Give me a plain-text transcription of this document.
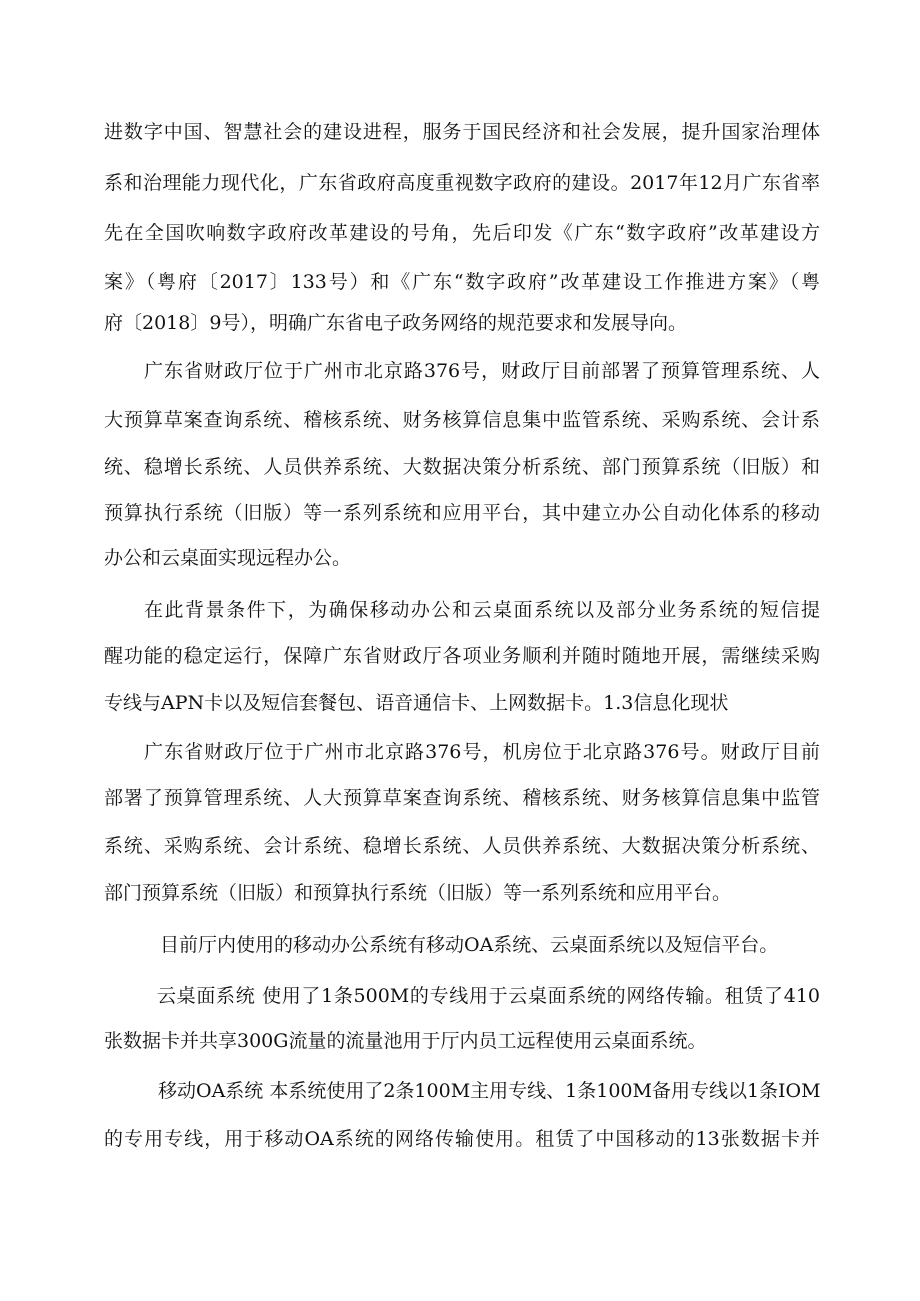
进数字中国、智慧社会的建设进程，服务于国民经济和社会发展，提升国家治理体
系和治理能力现代化，广东省政府高度重视数字政府的建设。2017年12月广东省率
先在全国吹响数字政府改革建设的号角，先后印发《广东“数字政府”改革建设方
案》（粤府〔2017〕133号）和《广东“数字政府”改革建设工作推进方案》（粤
府〔2018〕9号），明确广东省电子政务网络的规范要求和发展导向。
广东省财政厅位于广州市北京路376号，财政厅目前部署了预算管理系统、人
大预算草案查询系统、稽核系统、财务核算信息集中监管系统、采购系统、会计系
统、稳增长系统、人员供养系统、大数据决策分析系统、部门预算系统（旧版）和
预算执行系统（旧版）等一系列系统和应用平台，其中建立办公自动化体系的移动
办公和云桌面实现远程办公。
在此背景条件下，为确保移动办公和云桌面系统以及部分业务系统的短信提
醒功能的稳定运行，保障广东省财政厅各项业务顺利并随时随地开展，需继续采购
专线与APN卡以及短信套餐包、语音通信卡、上网数据卡。1.3信息化现状
广东省财政厅位于广州市北京路376号，机房位于北京路376号。财政厅目前
部署了预算管理系统、人大预算草案查询系统、稽核系统、财务核算信息集中监管
系统、采购系统、会计系统、稳增长系统、人员供养系统、大数据决策分析系统、
部门预算系统（旧版）和预算执行系统（旧版）等一系列系统和应用平台。
目前厅内使用的移动办公系统有移动OA系统、云桌面系统以及短信平台。
云桌面系统 使用了1条500M的专线用于云桌面系统的网络传输。租赁了410
张数据卡并共享300G流量的流量池用于厅内员工远程使用云桌面系统。
移动OA系统 本系统使用了2条100M主用专线、1条100M备用专线以1条IOM
的专用专线，用于移动OA系统的网络传输使用。租赁了中国移动的13张数据卡并
